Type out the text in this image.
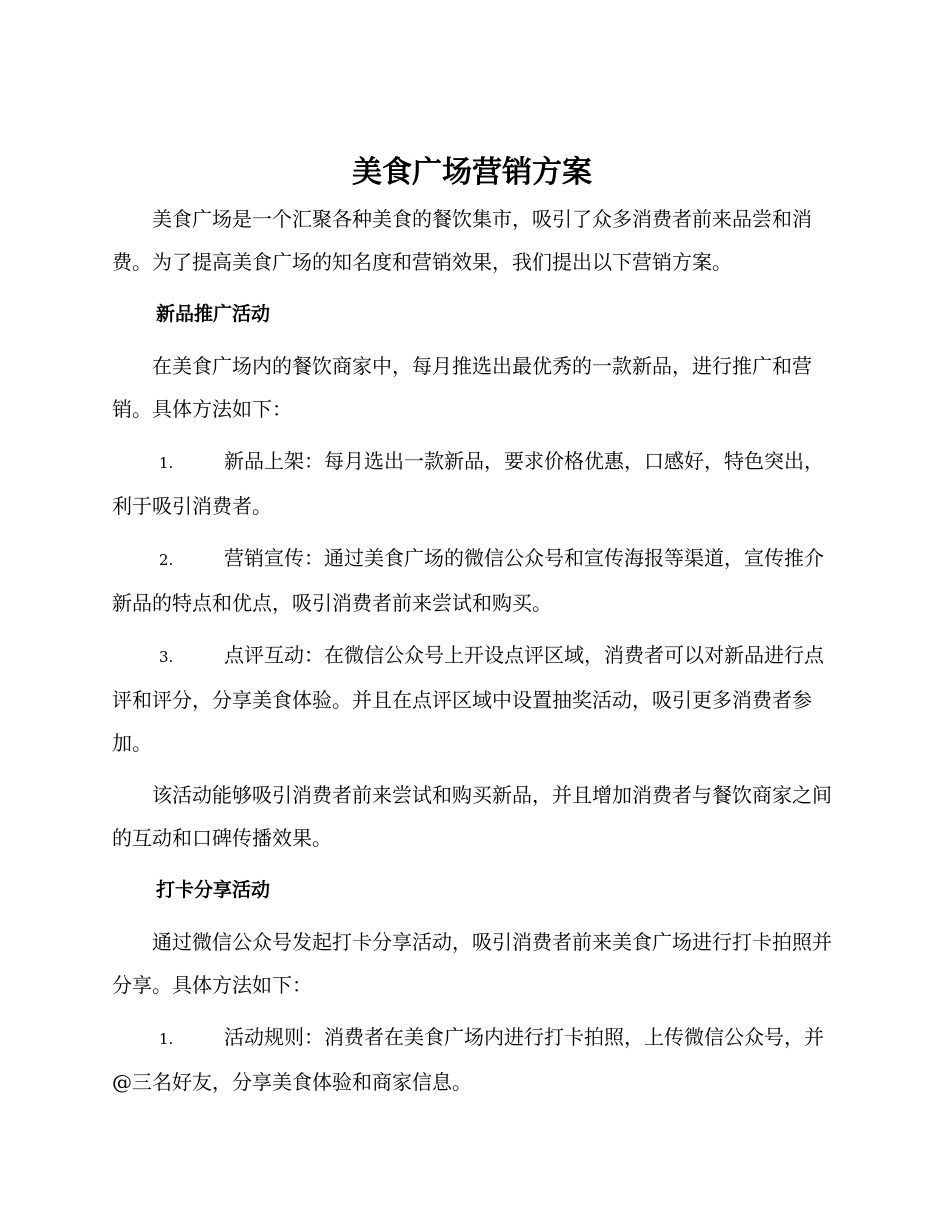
美食广场营销方案

美食广场是一个汇聚各种美食的餐饮集市，吸引了众多消费者前来品尝和消费。为了提高美食广场的知名度和营销效果，我们提出以下营销方案。

新品推广活动

在美食广场内的餐饮商家中，每月推选出最优秀的一款新品，进行推广和营销。具体方法如下：

1.	新品上架：每月选出一款新品，要求价格优惠，口感好，特色突出，利于吸引消费者。

2.	营销宣传：通过美食广场的微信公众号和宣传海报等渠道，宣传推介新品的特点和优点，吸引消费者前来尝试和购买。

3.	点评互动：在微信公众号上开设点评区域，消费者可以对新品进行点评和评分，分享美食体验。并且在点评区域中设置抽奖活动，吸引更多消费者参加。

该活动能够吸引消费者前来尝试和购买新品，并且增加消费者与餐饮商家之间的互动和口碑传播效果。

打卡分享活动

通过微信公众号发起打卡分享活动，吸引消费者前来美食广场进行打卡拍照并分享。具体方法如下：

1.	活动规则：消费者在美食广场内进行打卡拍照，上传微信公众号，并@三名好友，分享美食体验和商家信息。
